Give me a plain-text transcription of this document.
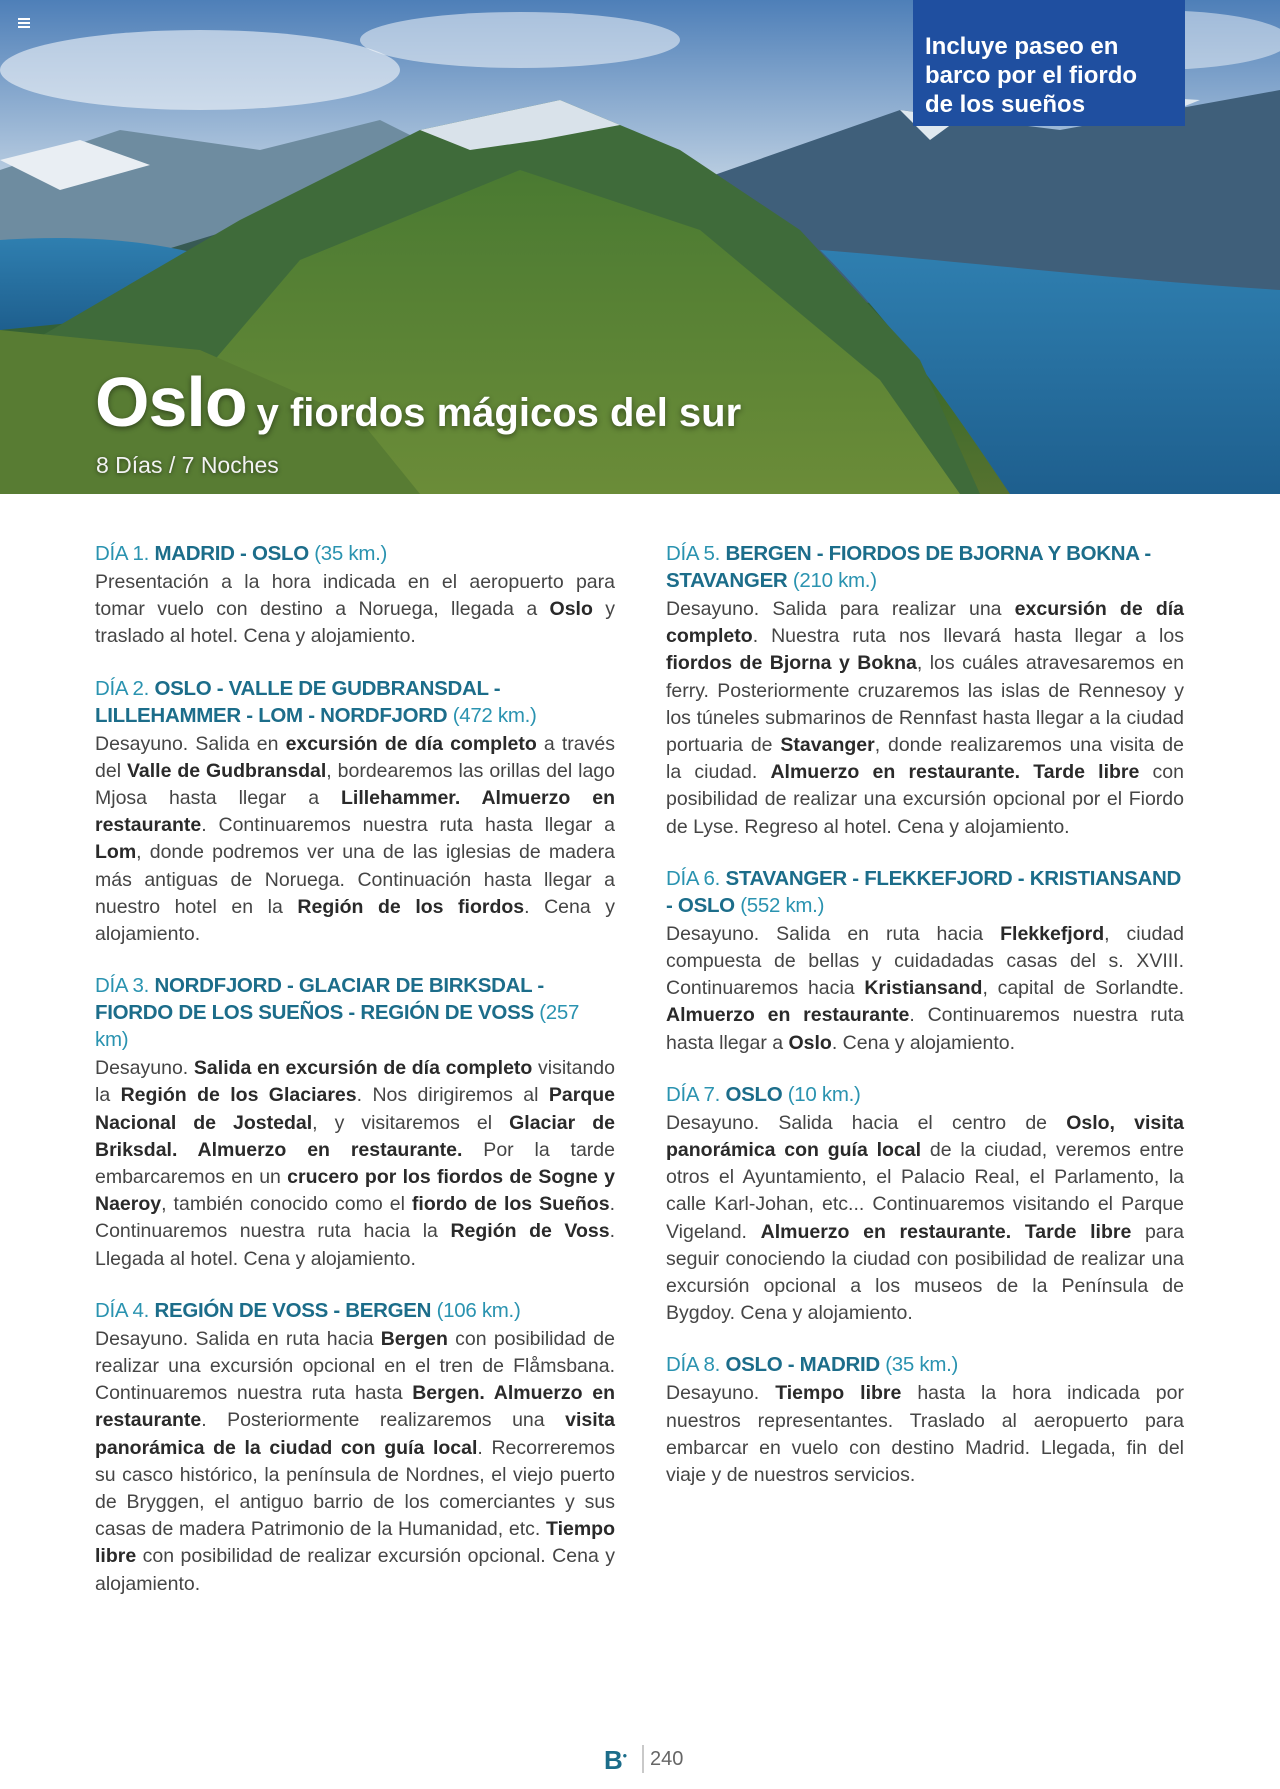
Incluye paseo en barco por el fiordo de los sueños
Oslo y fiordos mágicos del sur
8 Días / 7 Noches
DÍA 1. MADRID - OSLO (35 km.)

Presentación a la hora indicada en el aeropuerto para tomar vuelo con destino a Noruega, llegada a Oslo y traslado al hotel. Cena y alojamiento.

DÍA 2. OSLO - VALLE DE GUDBRANSDAL - LILLEHAMMER - LOM - NORDFJORD (472 km.)

Desayuno. Salida en excursión de día completo a través del Valle de Gudbransdal, bordearemos las orillas del lago Mjosa hasta llegar a Lillehammer. Almuerzo en restaurante. Continuaremos nuestra ruta hasta llegar a Lom, donde podremos ver una de las iglesias de madera más antiguas de Noruega. Continuación hasta llegar a nuestro hotel en la Región de los fiordos. Cena y alojamiento.

DÍA 3. NORDFJORD - GLACIAR DE BIRKSDAL - FIORDO DE LOS SUEÑOS - REGIÓN DE VOSS (257 km)

Desayuno. Salida en excursión de día completo visitando la Región de los Glaciares. Nos dirigiremos al Parque Nacional de Jostedal, y visitaremos el Glaciar de Briksdal. Almuerzo en restaurante. Por la tarde embarcaremos en un crucero por los fiordos de Sogne y Naeroy, también conocido como el fiordo de los Sueños. Continuaremos nuestra ruta hacia la Región de Voss. Llegada al hotel. Cena y alojamiento.

DÍA 4. REGIÓN DE VOSS - BERGEN (106 km.)

Desayuno. Salida en ruta hacia Bergen con posibilidad de realizar una excursión opcional en el tren de Flåmsbana. Continuaremos nuestra ruta hasta Bergen. Almuerzo en restaurante. Posteriormente realizaremos una visita panorámica de la ciudad con guía local. Recorreremos su casco histórico, la península de Nordnes, el viejo puerto de Bryggen, el antiguo barrio de los comerciantes y sus casas de madera Patrimonio de la Humanidad, etc. Tiempo libre con posibilidad de realizar excursión opcional. Cena y alojamiento.

DÍA 5. BERGEN - FIORDOS DE BJORNA Y BOKNA - STAVANGER (210 km.)

Desayuno. Salida para realizar una excursión de día completo. Nuestra ruta nos llevará hasta llegar a los fiordos de Bjorna y Bokna, los cuáles atravesaremos en ferry. Posteriormente cruzaremos las islas de Rennesoy y los túneles submarinos de Rennfast hasta llegar a la ciudad portuaria de Stavanger, donde realizaremos una visita de la ciudad. Almuerzo en restaurante. Tarde libre con posibilidad de realizar una excursión opcional por el Fiordo de Lyse. Regreso al hotel. Cena y alojamiento.

DÍA 6. STAVANGER - FLEKKEFJORD - KRISTIANSAND - OSLO (552 km.)

Desayuno. Salida en ruta hacia Flekkefjord, ciudad compuesta de bellas y cuidadadas casas del s. XVIII. Continuaremos hacia Kristiansand, capital de Sorlandte. Almuerzo en restaurante. Continuaremos nuestra ruta hasta llegar a Oslo. Cena y alojamiento.

DÍA 7. OSLO (10 km.)

Desayuno. Salida hacia el centro de Oslo, visita panorámica con guía local de la ciudad, veremos entre otros el Ayuntamiento, el Palacio Real, el Parlamento, la calle Karl-Johan, etc... Continuaremos visitando el Parque Vigeland. Almuerzo en restaurante. Tarde libre para seguir conociendo la ciudad con posibilidad de realizar una excursión opcional a los museos de la Península de Bygdoy. Cena y alojamiento.

DÍA 8. OSLO - MADRID (35 km.)

Desayuno. Tiempo libre hasta la hora indicada por nuestros representantes. Traslado al aeropuerto para embarcar en vuelo con destino Madrid. Llegada, fin del viaje y de nuestros servicios.

B• 240
